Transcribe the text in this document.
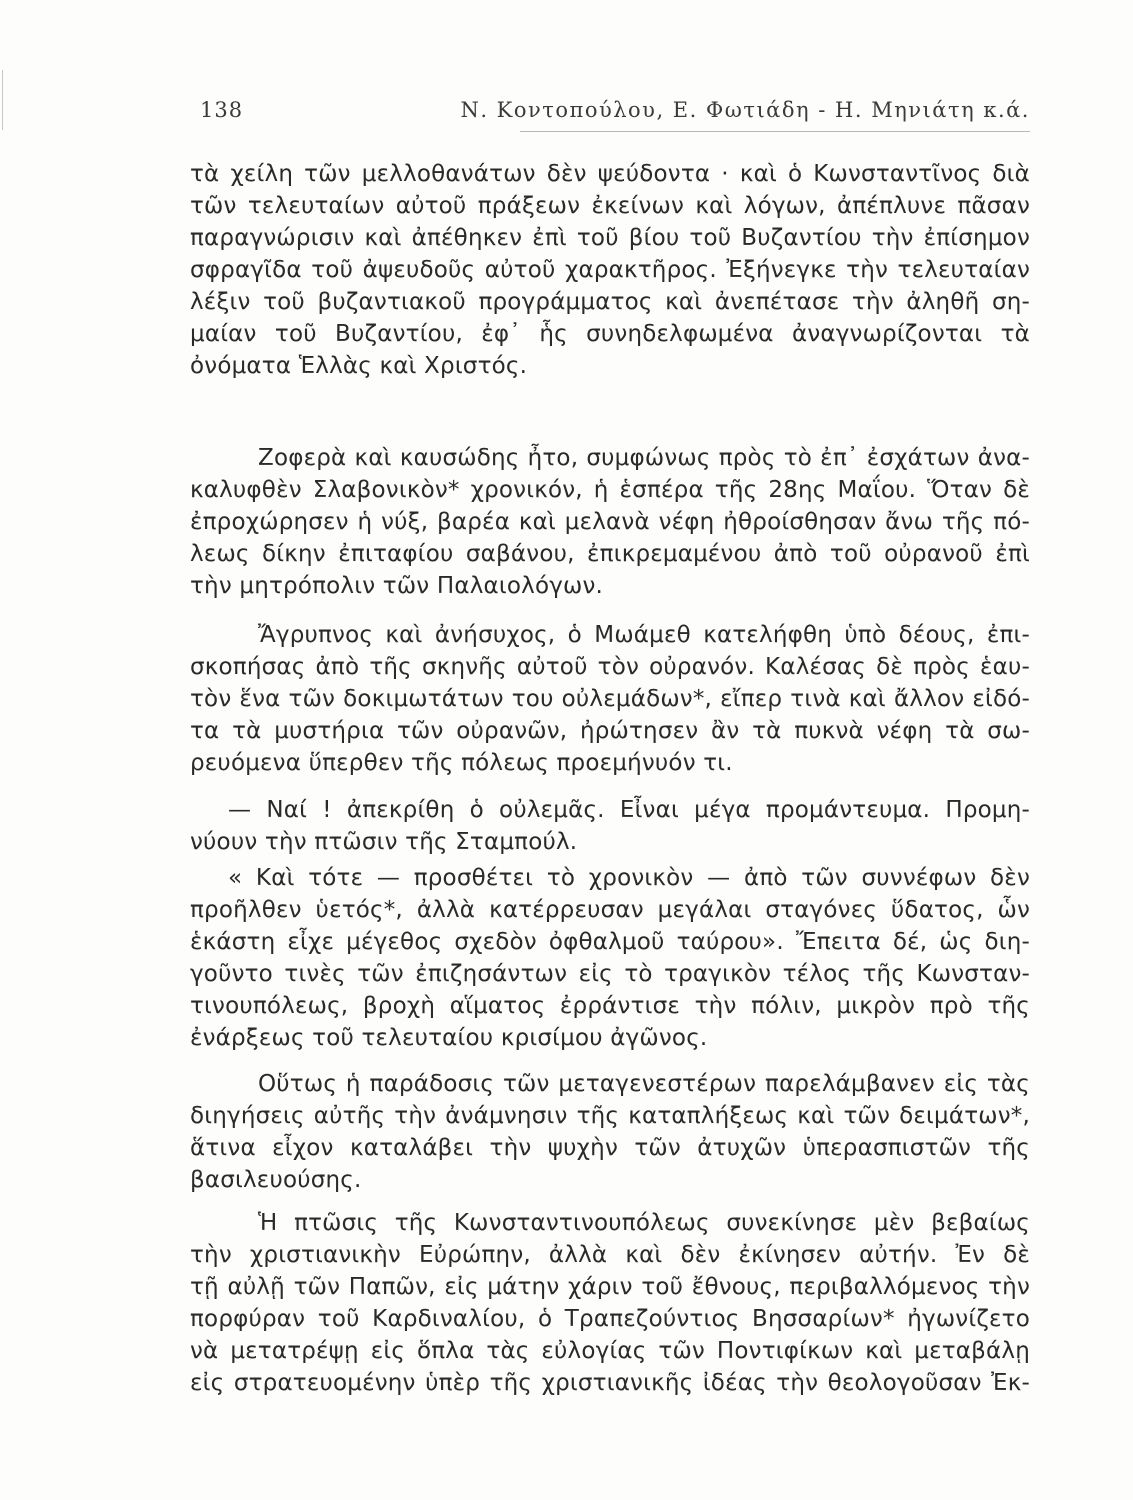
138	Ν. Κοντοπούλου, Ε. Φωτιάδη - Η. Μηνιάτη κ.ά.
τὰ χείλη τῶν μελλοθανάτων δὲν ψεύδοντα · καὶ ὁ Κωνσταντῖνος διὰ
τῶν τελευταίων αὐτοῦ πράξεων ἐκείνων καὶ λόγων, ἀπέπλυνε πᾶσαν
παραγνώρισιν καὶ ἀπέθηκεν ἐπὶ τοῦ βίου τοῦ Βυζαντίου τὴν ἐπίσημον
σφραγῖδα τοῦ ἀψευδοῦς αὐτοῦ χαρακτῆρος. Ἐξήνεγκε τὴν τελευταίαν
λέξιν τοῦ βυζαντιακοῦ προγράμματος καὶ ἀνεπέτασε τὴν ἀληθῆ ση-
μαίαν τοῦ Βυζαντίου, ἐφ᾽ ἧς συνηδελφωμένα ἀναγνωρίζονται τὰ
ὀνόματα Ἑλλὰς καὶ Χριστός.
Ζοφερὰ καὶ καυσώδης ἦτο, συμφώνως πρὸς τὸ ἐπ᾽ ἐσχάτων ἀνα-
καλυφθὲν Σλαβονικὸν* χρονικόν, ἡ ἑσπέρα τῆς 28ης Μαΐου. Ὅταν δὲ
ἐπροχώρησεν ἡ νύξ, βαρέα καὶ μελανὰ νέφη ἠθροίσθησαν ἄνω τῆς πό-
λεως δίκην ἐπιταφίου σαβάνου, ἐπικρεμαμένου ἀπὸ τοῦ οὐρανοῦ ἐπὶ
τὴν μητρόπολιν τῶν Παλαιολόγων.
Ἄγρυπνος καὶ ἀνήσυχος, ὁ Μωάμεθ κατελήφθη ὑπὸ δέους, ἐπι-
σκοπήσας ἀπὸ τῆς σκηνῆς αὐτοῦ τὸν οὐρανόν. Καλέσας δὲ πρὸς ἑαυ-
τὸν ἕνα τῶν δοκιμωτάτων του οὐλεμάδων*, εἴπερ τινὰ καὶ ἄλλον εἰδό-
τα τὰ μυστήρια τῶν οὐρανῶν, ἠρώτησεν ἂν τὰ πυκνὰ νέφη τὰ σω-
ρευόμενα ὕπερθεν τῆς πόλεως προεμήνυόν τι.
— Ναί ! ἀπεκρίθη ὁ οὐλεμᾶς. Εἶναι μέγα προμάντευμα. Προμη-
νύουν τὴν πτῶσιν τῆς Σταμπούλ.
« Καὶ τότε — προσθέτει τὸ χρονικὸν — ἀπὸ τῶν συννέφων δὲν
προῆλθεν ὑετός*, ἀλλὰ κατέρρευσαν μεγάλαι σταγόνες ὕδατος, ὧν
ἑκάστη εἶχε μέγεθος σχεδὸν ὀφθαλμοῦ ταύρου». Ἔπειτα δέ, ὡς διη-
γοῦντο τινὲς τῶν ἐπιζησάντων εἰς τὸ τραγικὸν τέλος τῆς Κωνσταν-
τινουπόλεως, βροχὴ αἵματος ἐρράντισε τὴν πόλιν, μικρὸν πρὸ τῆς
ἐνάρξεως τοῦ τελευταίου κρισίμου ἀγῶνος.
Οὕτως ἡ παράδοσις τῶν μεταγενεστέρων παρελάμβανεν εἰς τὰς
διηγήσεις αὐτῆς τὴν ἀνάμνησιν τῆς καταπλήξεως καὶ τῶν δειμάτων*,
ἅτινα εἶχον καταλάβει τὴν ψυχὴν τῶν ἀτυχῶν ὑπερασπιστῶν τῆς
βασιλευούσης.
Ἡ πτῶσις τῆς Κωνσταντινουπόλεως συνεκίνησε μὲν βεβαίως
τὴν χριστιανικὴν Εὐρώπην, ἀλλὰ καὶ δὲν ἐκίνησεν αὐτήν. Ἐν δὲ
τῇ αὐλῇ τῶν Παπῶν, εἰς μάτην χάριν τοῦ ἔθνους, περιβαλλόμενος τὴν
πορφύραν τοῦ Καρδιναλίου, ὁ Τραπεζούντιος Βησσαρίων* ἠγωνίζετο
νὰ μετατρέψῃ εἰς ὅπλα τὰς εὐλογίας τῶν Ποντιφίκων καὶ μεταβάλῃ
εἰς στρατευομένην ὑπὲρ τῆς χριστιανικῆς ἰδέας τὴν θεολογοῦσαν Ἐκ-
